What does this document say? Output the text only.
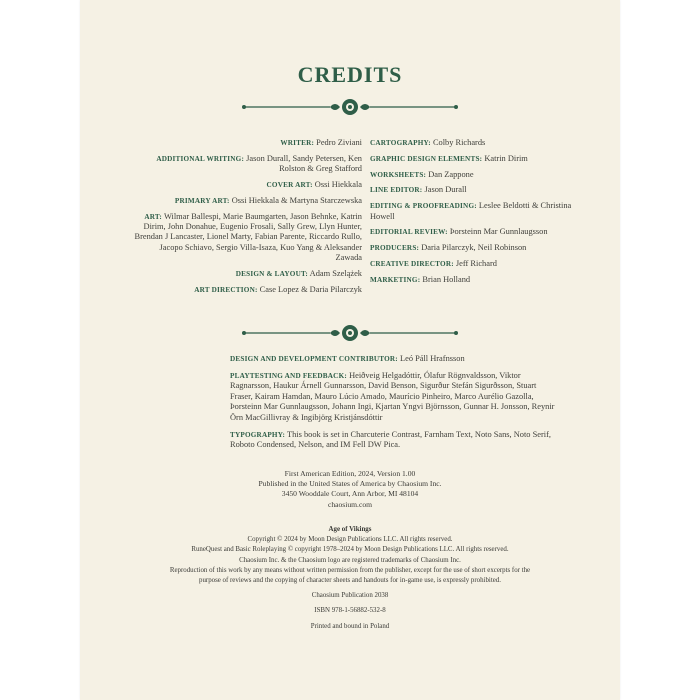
CREDITS
WRITER: Pedro Ziviani
ADDITIONAL WRITING: Jason Durall, Sandy Petersen, Ken Rolston & Greg Stafford
COVER ART: Ossi Hiekkala
PRIMARY ART: Ossi Hiekkala & Martyna Starczewska
ART: Wilmar Ballespi, Marie Baumgarten, Jason Behnke, Katrin Dirim, John Donahue, Eugenio Frosali, Sally Grew, Llyn Hunter, Brendan J Lancaster, Lionel Marty, Fabian Parente, Riccardo Rullo, Jacopo Schiavo, Sergio Villa-Isaza, Kuo Yang & Aleksander Zawada
DESIGN & LAYOUT: Adam Szelążek
ART DIRECTION: Case Lopez & Daria Pilarczyk
CARTOGRAPHY: Colby Richards
GRAPHIC DESIGN ELEMENTS: Katrin Dirim
WORKSHEETS: Dan Zappone
LINE EDITOR: Jason Durall
EDITING & PROOFREADING: Leslee Beldotti & Christina Howell
EDITORIAL REVIEW: Þorsteinn Mar Gunnlaugsson
PRODUCERS: Daria Pilarczyk, Neil Robinson
CREATIVE DIRECTOR: Jeff Richard
MARKETING: Brian Holland
DESIGN AND DEVELOPMENT CONTRIBUTOR: Leó Páll Hrafnsson
PLAYTESTING AND FEEDBACK: Heiðveig Helgadóttir, Ólafur Rögnvaldsson, Viktor Ragnarsson, Haukur Árnell Gunnarsson, David Benson, Sigurður Stefán Sigurðsson, Stuart Fraser, Kairam Hamdan, Mauro Lúcio Amado, Maurício Pinheiro, Marco Aurélio Gazolla, Þorsteinn Mar Gunnlaugsson, Johann Ingi, Kjartan Yngvi Björnsson, Gunnar H. Jonsson, Reynir Örn MacGillivray & Ingibjörg Kristjánsdóttir
TYPOGRAPHY: This book is set in Charcuterie Contrast, Farnham Text, Noto Sans, Noto Serif, Roboto Condensed, Nelson, and IM Fell DW Pica.
First American Edition, 2024, Version 1.00
Published in the United States of America by Chaosium Inc.
3450 Wooddale Court, Ann Arbor, MI 48104
chaosium.com
Age of Vikings
Copyright © 2024 by Moon Design Publications LLC. All rights reserved.
RuneQuest and Basic Roleplaying © copyright 1978–2024 by Moon Design Publications LLC. All rights reserved.
Chaosium Inc. & the Chaosium logo are registered trademarks of Chaosium Inc.
Reproduction of this work by any means without written permission from the publisher, except for the use of short excerpts for the
purpose of reviews and the copying of character sheets and handouts for in-game use, is expressly prohibited.
Chaosium Publication 2038
ISBN 978-1-56882-532-8
Printed and bound in Poland
